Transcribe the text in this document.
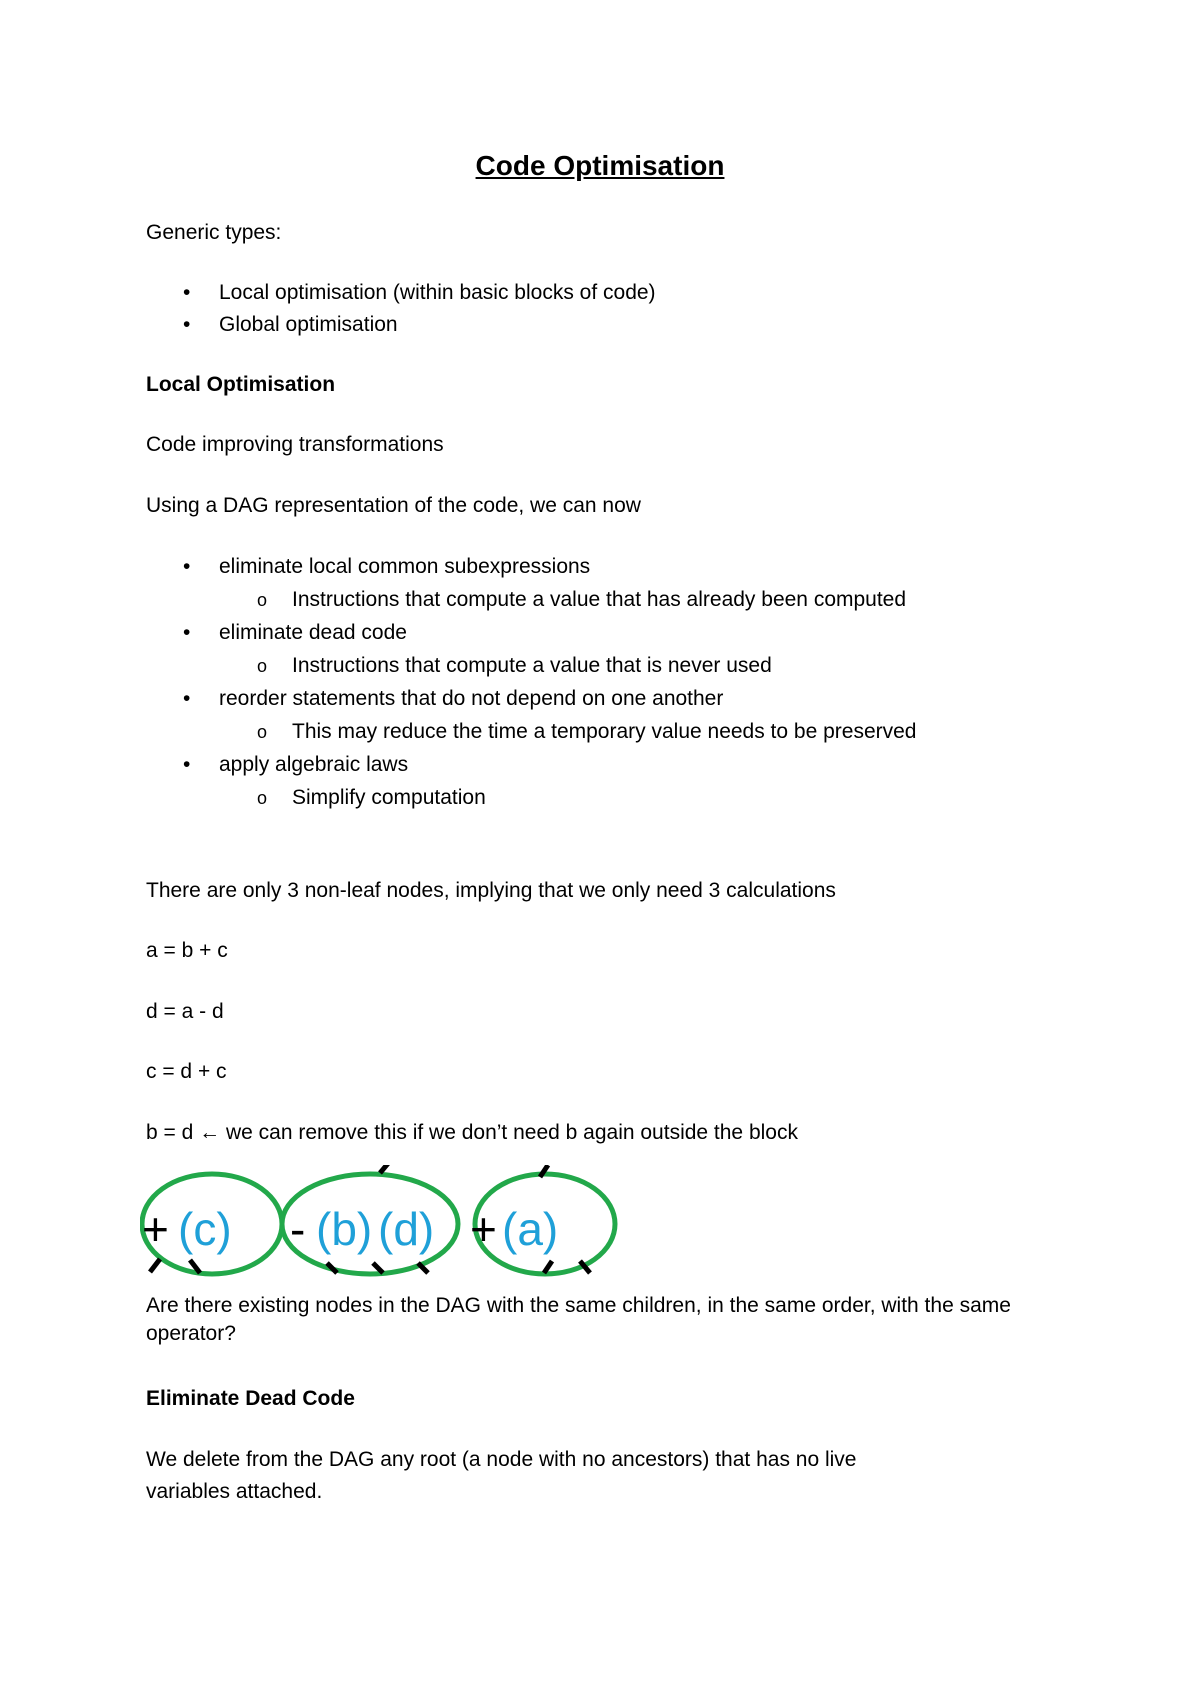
Code Optimisation
Generic types:
• Local optimisation (within basic blocks of code)
• Global optimisation
Local Optimisation
Code improving transformations
Using a DAG representation of the code, we can now
• eliminate local common subexpressions
o Instructions that compute a value that has already been computed
• eliminate dead code
o Instructions that compute a value that is never used
• reorder statements that do not depend on one another
o This may reduce the time a temporary value needs to be preserved
• apply algebraic laws
o Simplify computation
There are only 3 non-leaf nodes, implying that we only need 3 calculations
a = b + c
d = a - d
c = d + c
b = d ← we can remove this if we don’t need b again outside the block
+ (c) - (b) (d) + (a)
Are there existing nodes in the DAG with the same children, in the same order, with the same operator?
Eliminate Dead Code
We delete from the DAG any root (a node with no ancestors) that has no live
variables attached.
